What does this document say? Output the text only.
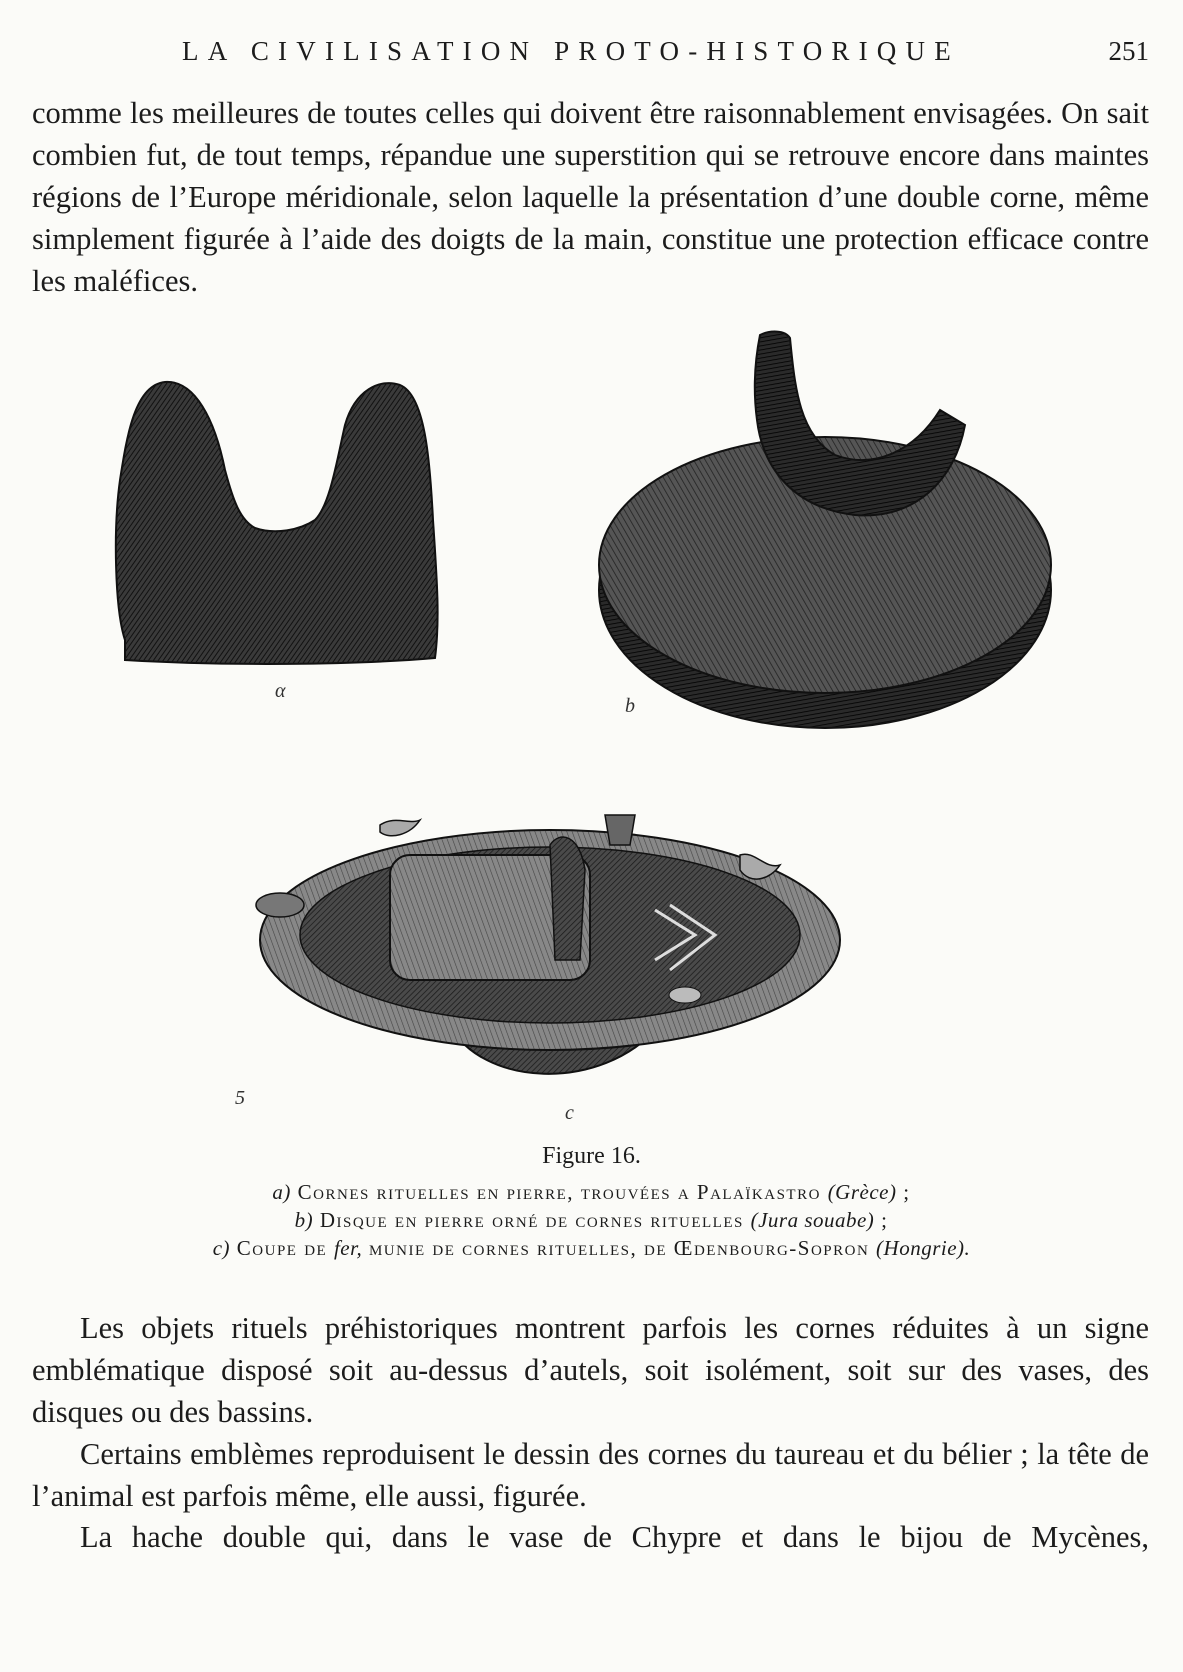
LA CIVILISATION PROTO-HISTORIQUE	251

comme les meilleures de toutes celles qui doivent être raisonnablement envisagées. On sait combien fut, de tout temps, répandue une superstition qui se retrouve encore dans maintes régions de l’Europe méridionale, selon laquelle la présentation d’une double corne, même simplement figurée à l’aide des doigts de la main, constitue une protection efficace contre les maléfices.

α
b
c
5
Figure 16.
a) Cornes rituelles en pierre, trouvées a Palaïkastro (Grèce) ;
b) Disque en pierre orné de cornes rituelles (Jura souabe) ;
c) Coupe de fer, munie de cornes rituelles, de Œdenbourg-Sopron (Hongrie).

Les objets rituels préhistoriques montrent parfois les cornes réduites à un signe emblématique disposé soit au-dessus d’autels, soit isolément, soit sur des vases, des disques ou des bassins.

Certains emblèmes reproduisent le dessin des cornes du taureau et du bélier ; la tête de l’animal est parfois même, elle aussi, figurée.

La hache double qui, dans le vase de Chypre et dans le bijou de Mycènes,
